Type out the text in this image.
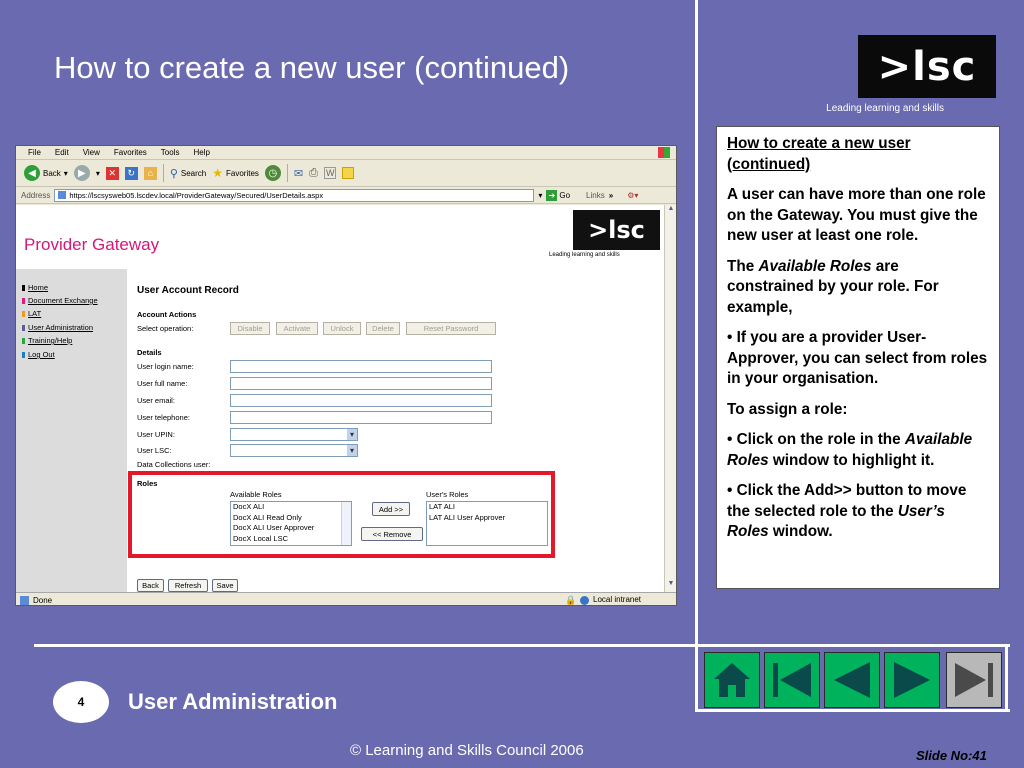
How to create a new user (continued)	>lsc
Leading learning and skills
File Edit View Favorites Tools Help
◀ Back ▾	▶	▾ ✕	↻	⌂	⚲ Search ★ Favorites ◷	✉ ⎙ W
Address	https://lscsysweb05.lscdev.local/ProviderGateway/Secured/UserDetails.aspx	▾ ➔ Go Links » ⚙▾
Provider Gateway
>lsc
Leading learning and skills
Home
Document Exchange
LAT
User Administration
Training/Help
Log Out
User Account Record
Account Actions
Select operation:	Disable	Activate	Unlock	Delete	Reset Password
Details
User login name:
User full name:
User email:
User telephone:
User UPIN:
▾
User LSC:
▾
Data Collections user:
Roles
Available Roles	User's Roles
DocX ALI
DocX ALI Read Only
DocX ALI User Approver
DocX Local LSC
Add >>
<< Remove
LAT ALI
LAT ALI User Approver
Back	Refresh	Save
▲
▼
Done	🔒 Local intranet

How to create a new user (continued)

A user can have more than one role on the Gateway. You must give the new user at least one role.

The Available Roles are constrained by your role. For example,

• If you are a provider User-Approver, you can select from roles in your organisation.

To assign a role:

• Click on the role in the Available Roles window to highlight it.

• Click the Add>> button to move the selected role to the User’s Roles window.

4	User Administration
© Learning and Skills Council 2006	Slide No:41
